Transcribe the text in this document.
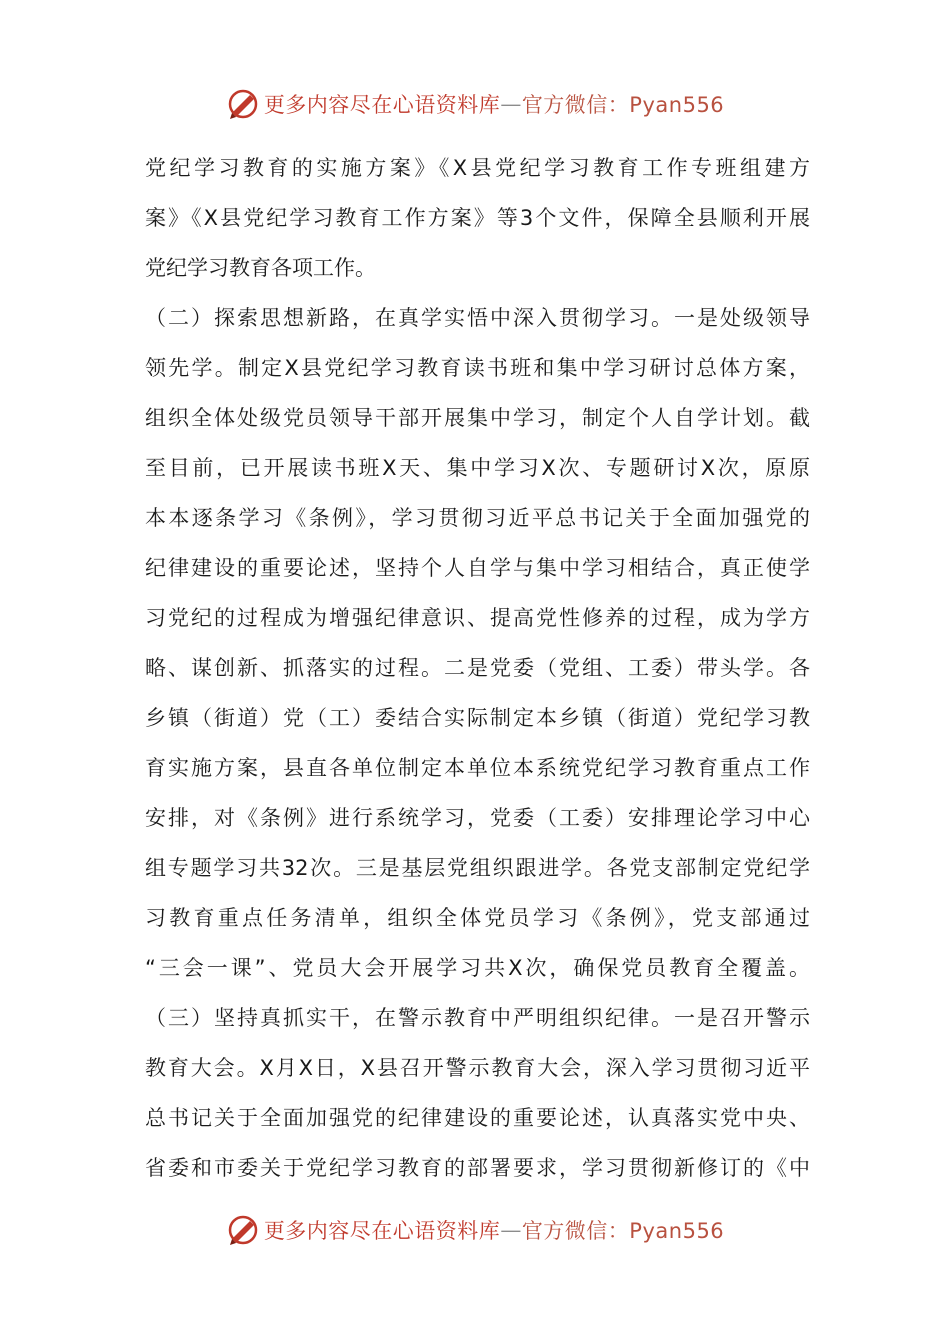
更多内容尽在心语资料库 — 官方微信：Pyan556
党纪学习教育的实施方案》《X县党纪学习教育工作专班组建方
案》《X县党纪学习教育工作方案》等3个文件，保障全县顺利开展
党纪学习教育各项工作。
（二）探索思想新路，在真学实悟中深入贯彻学习。一是处级领导
领先学。制定X县党纪学习教育读书班和集中学习研讨总体方案，
组织全体处级党员领导干部开展集中学习，制定个人自学计划。截
至目前，已开展读书班X天、集中学习X次、专题研讨X次，原原
本本逐条学习《条例》，学习贯彻习近平总书记关于全面加强党的
纪律建设的重要论述，坚持个人自学与集中学习相结合，真正使学
习党纪的过程成为增强纪律意识、提高党性修养的过程，成为学方
略、谋创新、抓落实的过程。二是党委（党组、工委）带头学。各
乡镇（街道）党（工）委结合实际制定本乡镇（街道）党纪学习教
育实施方案，县直各单位制定本单位本系统党纪学习教育重点工作
安排，对《条例》进行系统学习，党委（工委）安排理论学习中心
组专题学习共32次。三是基层党组织跟进学。各党支部制定党纪学
习教育重点任务清单，组织全体党员学习《条例》，党支部通过
“三会一课”、党员大会开展学习共X次，确保党员教育全覆盖。
（三）坚持真抓实干，在警示教育中严明组织纪律。一是召开警示
教育大会。X月X日，X县召开警示教育大会，深入学习贯彻习近平
总书记关于全面加强党的纪律建设的重要论述，认真落实党中央、
省委和市委关于党纪学习教育的部署要求，学习贯彻新修订的《中
更多内容尽在心语资料库 — 官方微信：Pyan556
